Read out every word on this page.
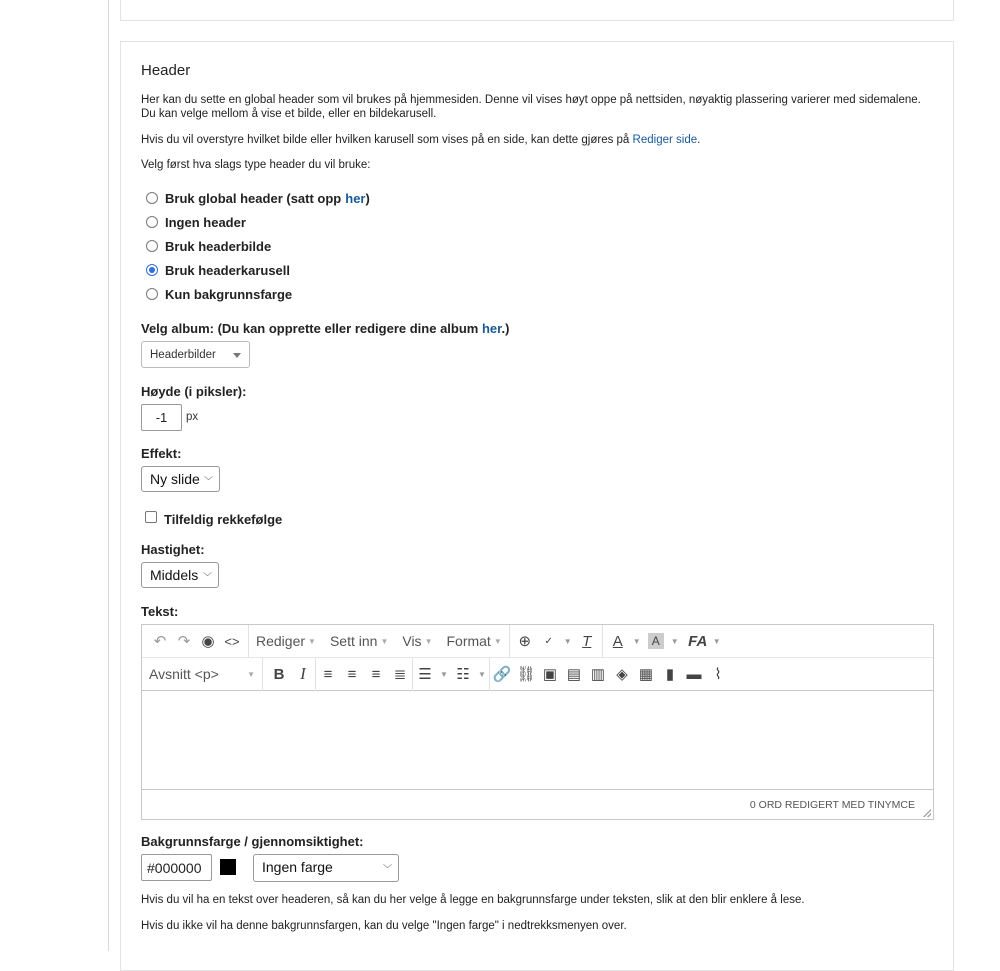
Header
Her kan du sette en global header som vil brukes på hjemmesiden. Denne vil vises høyt oppe på nettsiden, nøyaktig plassering varierer med sidemalene. Du kan velge mellom å vise et bilde, eller en bildekarusell.
Hvis du vil overstyre hvilket bilde eller hvilken karusell som vises på en side, kan dette gjøres på Rediger side.
Velg først hva slags type header du vil bruke:
Bruk global header (satt opp her )
Ingen header
Bruk headerbilde
Bruk headerkarusell
Kun bakgrunnsfarge
Velg album: (Du kan opprette eller redigere dine album her.)
Headerbilder
Høyde (i piksler):
-1	px
Effekt:
Ny slide ﹀
Tilfeldig rekkefølge
Hastighet:
Middels ﹀
Tekst:
↶ ↷ ◉ <>	Rediger ▼ Sett inn ▼ Vis ▼ Format ▼	⊕	✓	▼ T	A	▼ A	▼ FA ▼
Avsnitt <p>	▼	B I	≡	≡	≡ ≣ ☰	▼ ☷	▼ 🔗 ⛓ ▣ ▤ ▥ ◈ ▦ ▮ ▬ ⌇
0 ORD REDIGERT MED TINYMCE
Bakgrunnsfarge / gjennomsiktighet:
#000000	Ingen farge	﹀
Hvis du vil ha en tekst over headeren, så kan du her velge å legge en bakgrunnsfarge under teksten, slik at den blir enklere å lese.
Hvis du ikke vil ha denne bakgrunnsfargen, kan du velge "Ingen farge" i nedtrekksmenyen over.
